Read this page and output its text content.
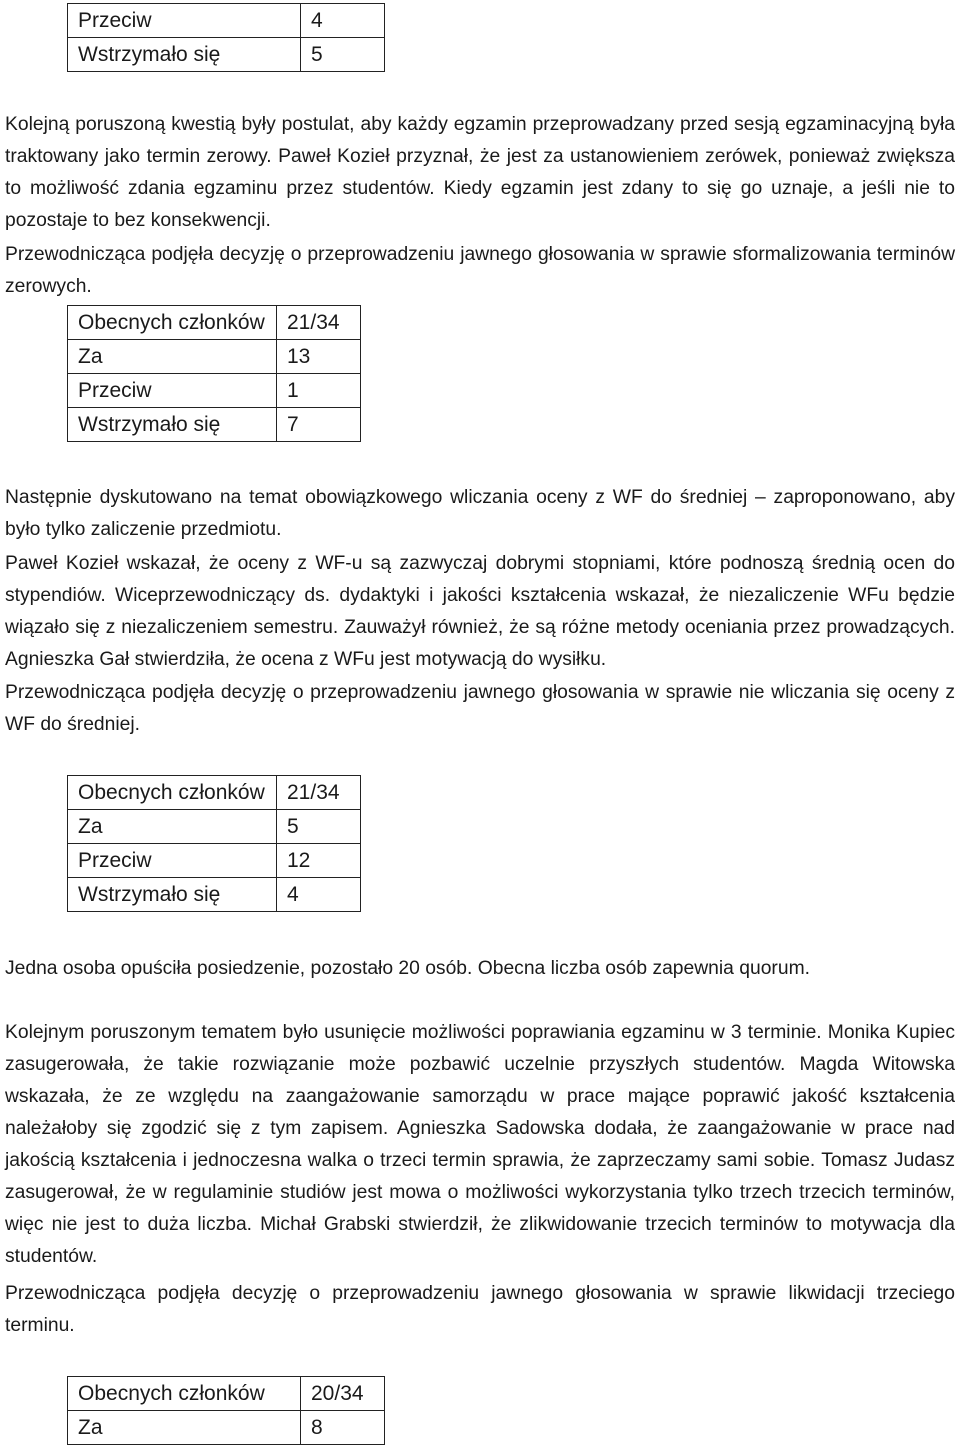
Przeciw	4
Wstrzymało się	5

Kolejną poruszoną kwestią były postulat, aby każdy egzamin przeprowadzany przed sesją egzaminacyjną była traktowany jako termin zerowy. Paweł Kozieł przyznał, że jest za ustanowieniem zerówek, ponieważ zwiększa to możliwość zdania egzaminu przez studentów. Kiedy egzamin jest zdany to się go uznaje, a jeśli nie to pozostaje to bez konsekwencji.

Przewodnicząca podjęła decyzję o przeprowadzeniu jawnego głosowania w sprawie sformalizowania terminów zerowych.

Obecnych członków	21/34
Za	13
Przeciw	1
Wstrzymało się	7

Następnie dyskutowano na temat obowiązkowego wliczania oceny z WF do średniej – zaproponowano, aby było tylko zaliczenie przedmiotu.

Paweł Kozieł wskazał, że oceny z WF-u są zazwyczaj dobrymi stopniami, które podnoszą średnią ocen do stypendiów. Wiceprzewodniczący ds. dydaktyki i jakości kształcenia wskazał, że niezaliczenie WFu będzie wiązało się z niezaliczeniem semestru. Zauważył również, że są różne metody oceniania przez prowadzących. Agnieszka Gał stwierdziła, że ocena z WFu jest motywacją do wysiłku.

Przewodnicząca podjęła decyzję o przeprowadzeniu jawnego głosowania w sprawie nie wliczania się oceny z WF do średniej.

Obecnych członków	21/34
Za	5
Przeciw	12
Wstrzymało się	4

Jedna osoba opuściła posiedzenie, pozostało 20 osób. Obecna liczba osób zapewnia quorum.

Kolejnym poruszonym tematem było usunięcie możliwości poprawiania egzaminu w 3 terminie. Monika Kupiec zasugerowała, że takie rozwiązanie może pozbawić uczelnie przyszłych studentów. Magda Witowska wskazała, że ze względu na zaangażowanie samorządu w prace mające poprawić jakość kształcenia należałoby się zgodzić się z tym zapisem. Agnieszka Sadowska dodała, że zaangażowanie w prace nad jakością kształcenia i jednoczesna walka o trzeci termin sprawia, że zaprzeczamy sami sobie. Tomasz Judasz zasugerował, że w regulaminie studiów jest mowa o możliwości wykorzystania tylko trzech trzecich terminów, więc nie jest to duża liczba. Michał Grabski stwierdził, że zlikwidowanie trzecich terminów to motywacja dla studentów.

Przewodnicząca podjęła decyzję o przeprowadzeniu jawnego głosowania w sprawie likwidacji trzeciego terminu.

Obecnych członków	20/34
Za	8
